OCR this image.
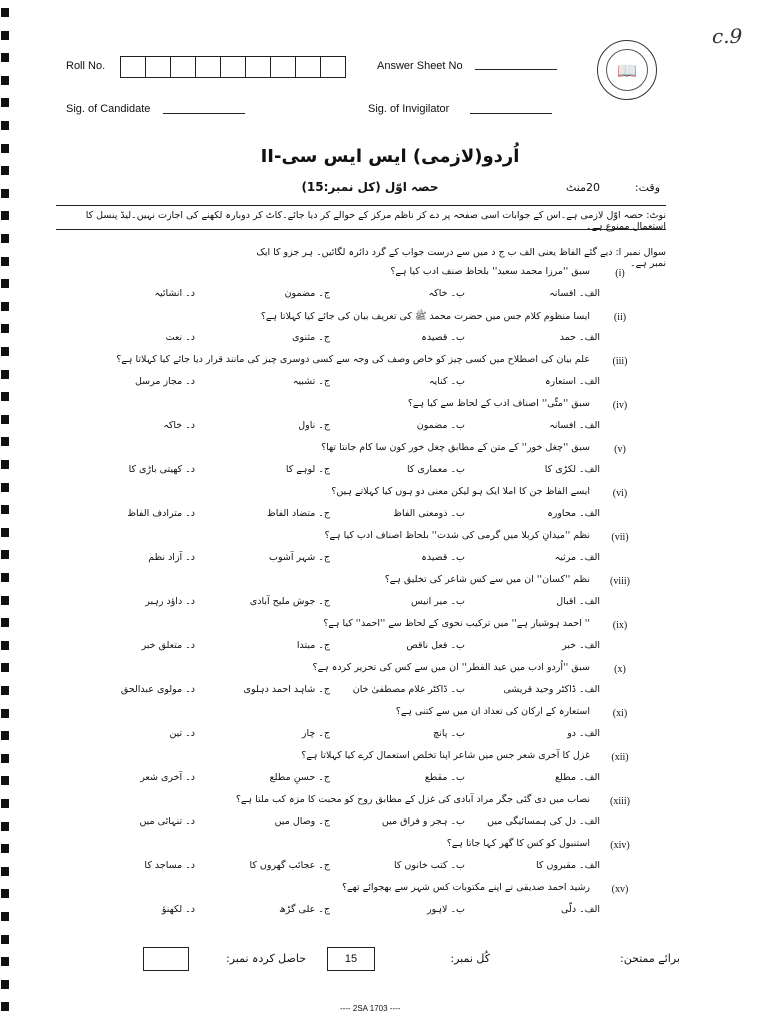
c.9
📖
Roll No.	Answer Sheet No
Sig. of Candidate	Sig. of Invigilator
اُردو(لازمی) ایس ایس سی-II
وقت:
20منٹ
حصہ اوّل (کل نمبر:15)
نوٹ: حصہ اوّل لازمی ہے۔اس کے جوابات اسی صفحہ پر دے کر ناظم مرکز کے حوالے کر دیا جائے۔کاٹ کر دوبارہ لکھنے کی اجازت نہیں۔لیڈ پنسل کا استعمال ممنوع ہے۔
سوال نمبر ا: دیے گئے الفاظ یعنی الف ب ج د میں سے درست جواب کے گرد دائرہ لگائیں۔ ہر جزو کا ایک نمبر ہے۔
(i)
سبق ''مرزا محمد سعید'' بلحاظ صنف ادب کیا ہے؟
الف۔ افسانہ
ب۔ خاکہ
ج۔ مضمون
د۔ انشائیہ
(ii)
ایسا منظوم کلام جس میں حضرت محمد ﷺ کی تعریف بیان کی جائے کیا کہلاتا ہے؟
الف۔ حمد
ب۔ قصیدہ
ج۔ مثنوی
د۔ نعت
(iii)
علم بیان کی اصطلاح میں کسی چیز کو خاص وصف کی وجہ سے کسی دوسری چیز کی مانند قرار دیا جائے کیا کہلاتا ہے؟
الف۔ استعارہ
ب۔ کنایہ
ج۔ تشبیہ
د۔ مجاز مرسل
(iv)
سبق ''مٹّی'' اصناف ادب کے لحاظ سے کیا ہے؟
الف۔ افسانہ
ب۔ مضمون
ج۔ ناول
د۔ خاکہ
(v)
سبق ''چغل خور'' کے متن کے مطابق چغل خور کون سا کام جانتا تھا؟
الف۔ لکڑی کا
ب۔ معماری کا
ج۔ لوہے کا
د۔ کھیتی باڑی کا
(vi)
ایسے الفاظ جن کا املا ایک ہو لیکن معنی دو ہوں کیا کہلاتے ہیں؟
الف۔ محاورہ
ب۔ ذومعنی الفاظ
ج۔ متضاد الفاظ
د۔ مترادف الفاظ
(vii)
نظم ''میدانِ کربلا میں گرمی کی شدت'' بلحاظ اصناف ادب کیا ہے؟
الف۔ مرثیہ
ب۔ قصیدہ
ج۔ شہر آشوب
د۔ آزاد نظم
(viii)
نظم ''کسان'' ان میں سے کس شاعر کی تخلیق ہے؟
الف۔ اقبال
ب۔ میر انیس
ج۔ جوش ملیح آبادی
د۔ داؤد رہبر
(ix)
'' احمد ہوشیار ہے'' میں ترکیب نحوی کے لحاظ سے ''احمد'' کیا ہے؟
الف۔ خبر
ب۔ فعل ناقص
ج۔ مبتدا
د۔ متعلق خبر
(x)
سبق ''اُردو ادب میں عید الفطر'' ان میں سے کس کی تحریر کردہ ہے؟
الف۔ ڈاکٹر وحید قریشی
ب۔ ڈاکٹر غلام مصطفیٰ خان
ج۔ شاہد احمد دہلوی
د۔ مولوی عبدالحق
(xi)
استعارہ کے ارکان کی تعداد ان میں سے کتنی ہے؟
الف۔ دو
ب۔ پانچ
ج۔ چار
د۔ تین
(xii)
غزل کا آخری شعر جس میں شاعر اپنا تخلص استعمال کرے کیا کہلاتا ہے؟
الف۔ مطلع
ب۔ مقطع
ج۔ حسنِ مطلع
د۔ آخری شعر
(xiii)
نصاب میں دی گئی جگر مراد آبادی کی غزل کے مطابق روح کو محبت کا مزہ کب ملتا ہے؟
الف۔ دل کی ہمسائیگی میں
ب۔ ہجر و فراق میں
ج۔ وصال میں
د۔ تنہائی میں
(xiv)
استنبول کو کس کا گھر کہا جاتا ہے؟
الف۔ مقبروں کا
ب۔ کتب خانوں کا
ج۔ عجائب گھروں کا
د۔ مساجد کا
(xv)
رشید احمد صدیقی نے اپنے مکتوبات کس شہر سے بھجوائے تھے؟
الف۔ دلّی
ب۔ لاہور
ج۔ علی گڑھ
د۔ لکھنؤ
برائے ممتحن:
کُل نمبر:
15
حاصل کردہ نمبر:
---- 2SA 1703 ----
